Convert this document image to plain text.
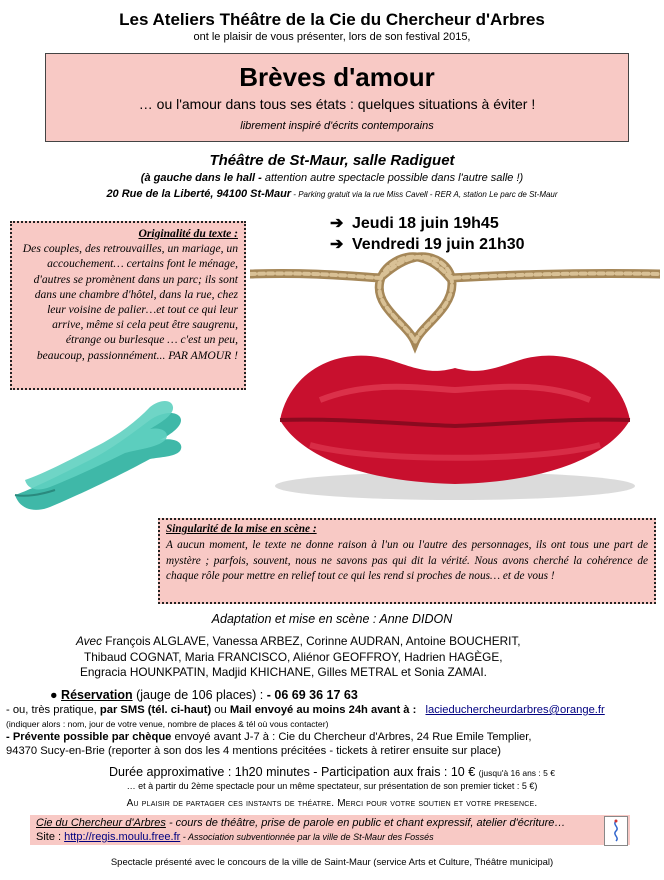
Les Ateliers Théâtre de la Cie du Chercheur d'Arbres
ont le plaisir de vous présenter, lors de son festival 2015,
Brèves d'amour
… ou l'amour dans tous ses états : quelques situations à éviter !
librement inspiré d'écrits contemporains
Théâtre de St-Maur, salle Radiguet
(à gauche dans le hall - attention autre spectacle possible dans l'autre salle !)
20 Rue de la Liberté, 94100 St-Maur - Parking gratuit via la rue Miss Cavell - RER A, station Le parc de St-Maur
Originalité du texte :
Des couples, des retrouvailles, un mariage, un accouchement… certains font le ménage, d'autres se promènent dans un parc; ils sont dans une chambre d'hôtel, dans la rue, chez leur voisine de palier…et tout ce qui leur arrive, même si cela peut être saugrenu, étrange ou burlesque … c'est un peu, beaucoup, passionnément... PAR AMOUR !
➔ Jeudi 18 juin 19h45
➔ Vendredi 19 juin 21h30
Singularité de la mise en scène :
A aucun moment, le texte ne donne raison à l'un ou l'autre des personnages, ils ont tous une part de mystère ; parfois, souvent, nous ne savons pas qui dit la vérité. Nous avons cherché la cohérence de chaque rôle pour mettre en relief tout ce qui les rend si proches de nous… et de vous !
Adaptation et mise en scène : Anne DIDON
Avec François ALGLAVE, Vanessa ARBEZ, Corinne AUDRAN, Antoine BOUCHERIT,
Thibaud COGNAT, Maria FRANCISCO, Aliénor GEOFFROY, Hadrien HAGÈGE,
Engracia HOUNKPATIN, Madjid KHICHANE, Gilles METRAL et Sonia ZAMAI.
● Réservation (jauge de 106 places) : - 06 69 36 17 63
- ou, très pratique, par SMS (tél. ci-haut) ou Mail envoyé au moins 24h avant à : lacieduchercheurdarbres@orange.fr
(indiquer alors : nom, jour de votre venue, nombre de places & tél où vous contacter)
- Prévente possible par chèque envoyé avant J-7 à : Cie du Chercheur d'Arbres, 24 Rue Emile Templier,
94370 Sucy-en-Brie (reporter à son dos les 4 mentions précitées - tickets à retirer ensuite sur place)
Durée approximative : 1h20 minutes - Participation aux frais : 10 € (jusqu'à 16 ans : 5 €
… et à partir du 2ème spectacle pour un même spectateur, sur présentation de son premier ticket : 5 €)
Au plaisir de partager ces instants de théatre. Merci pour votre soutien et votre presence.
Cie du Chercheur d'Arbres - cours de théâtre, prise de parole en public et chant expressif, atelier d'écriture…
Site : http://regis.moulu.free.fr - Association subventionnée par la ville de St-Maur des Fossés
Spectacle présenté avec le concours de la ville de Saint-Maur (service Arts et Culture, Théâtre municipal)
